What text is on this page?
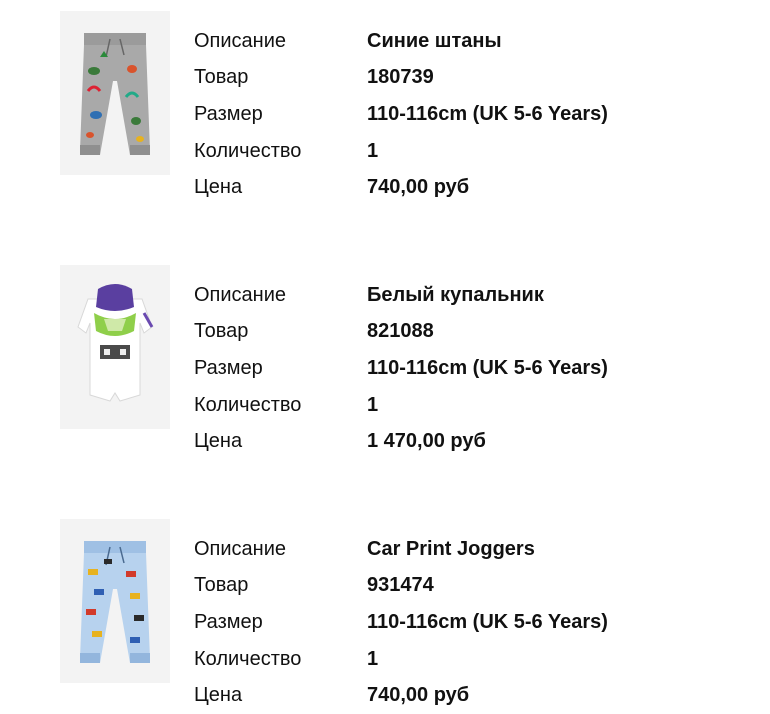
Описание	Синие штаны
Товар	180739
Размер	110-116cm (UK 5-6 Years)
Количество	1
Цена	740,00 руб
Описание	Белый купальник
Товар	821088
Размер	110-116cm (UK 5-6 Years)
Количество	1
Цена	1 470,00 руб
Описание	Car Print Joggers
Товар	931474
Размер	110-116cm (UK 5-6 Years)
Количество	1
Цена	740,00 руб
